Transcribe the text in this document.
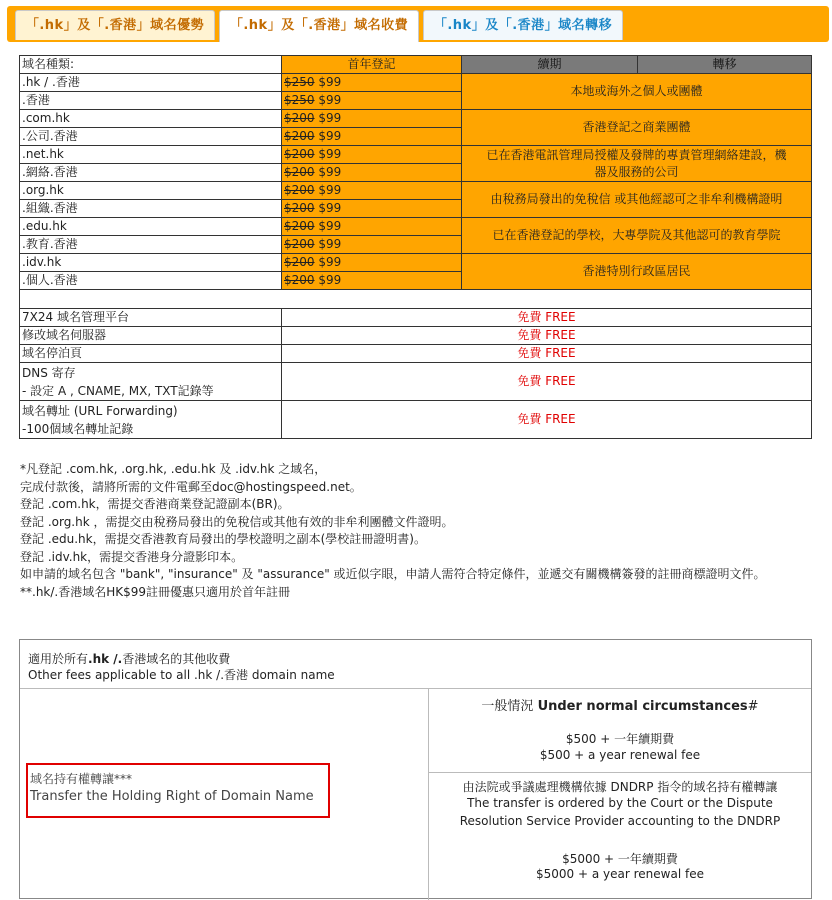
「.hk」及「.香港」域名優勢	「.hk」及「.香港」域名收費	「.hk」及「.香港」域名轉移
域名種類:	首年登記	續期	轉移
.hk / .香港	$250 $99	本地或海外之個人或團體	
.香港	$250 $99		
.com.hk	$200 $99	香港登記之商業團體	
.公司.香港	$200 $99		
.net.hk	$200 $99	已在香港電訊管理局授權及發牌的專責管理網絡建設，機器及服務的公司	
.網絡.香港	$200 $99		
.org.hk	$200 $99	由稅務局發出的免稅信 或其他經認可之非牟利機構證明	
.組織.香港	$200 $99		
.edu.hk	$200 $99	已在香港登記的學校，大專學院及其他認可的教育學院	
.教育.香港	$200 $99		
.idv.hk	$200 $99	香港特別行政區居民	
.個人.香港	$200 $99		

7X24 域名管理平台	免費 FREE		
修改域名伺服器	免費 FREE		
域名停泊頁	免費 FREE		

DNS 寄存
- 設定 A , CNAME, MX, TXT記錄等	免費 FREE		

域名轉址 (URL Forwarding)
-100個域名轉址記錄	免費 FREE		

*凡登記 .com.hk, .org.hk, .edu.hk 及 .idv.hk 之域名，

完成付款後，請將所需的文件電郵至doc@hostingspeed.net。

登記 .com.hk，需提交香港商業登記證副本(BR)。

登記 .org.hk ，需提交由稅務局發出的免稅信或其他有效的非牟利團體文件證明。

登記 .edu.hk，需提交香港教育局發出的學校證明之副本(學校註冊證明書)。

登記 .idv.hk，需提交香港身分證影印本。

如申請的域名包含 "bank", "insurance" 及 "assurance" 或近似字眼，申請人需符合特定條件，並遞交有關機構簽發的註冊商標證明文件。

**.hk/.香港域名HK$99註冊優惠只適用於首年註冊

適用於所有.hk /.香港域名的其他收費
Other fees applicable to all .hk /.香港 domain name
域名持有權轉讓***
Transfer the Holding Right of Domain Name
一般情況 Under normal circumstances#
$500 + 一年續期費
$500 + a year renewal fee
由法院或爭議處理機構依據 DNDRP 指令的域名持有權轉讓
The transfer is ordered by the Court or the Dispute
Resolution Service Provider accounting to the DNDRP
$5000 + 一年續期費
$5000 + a year renewal fee
